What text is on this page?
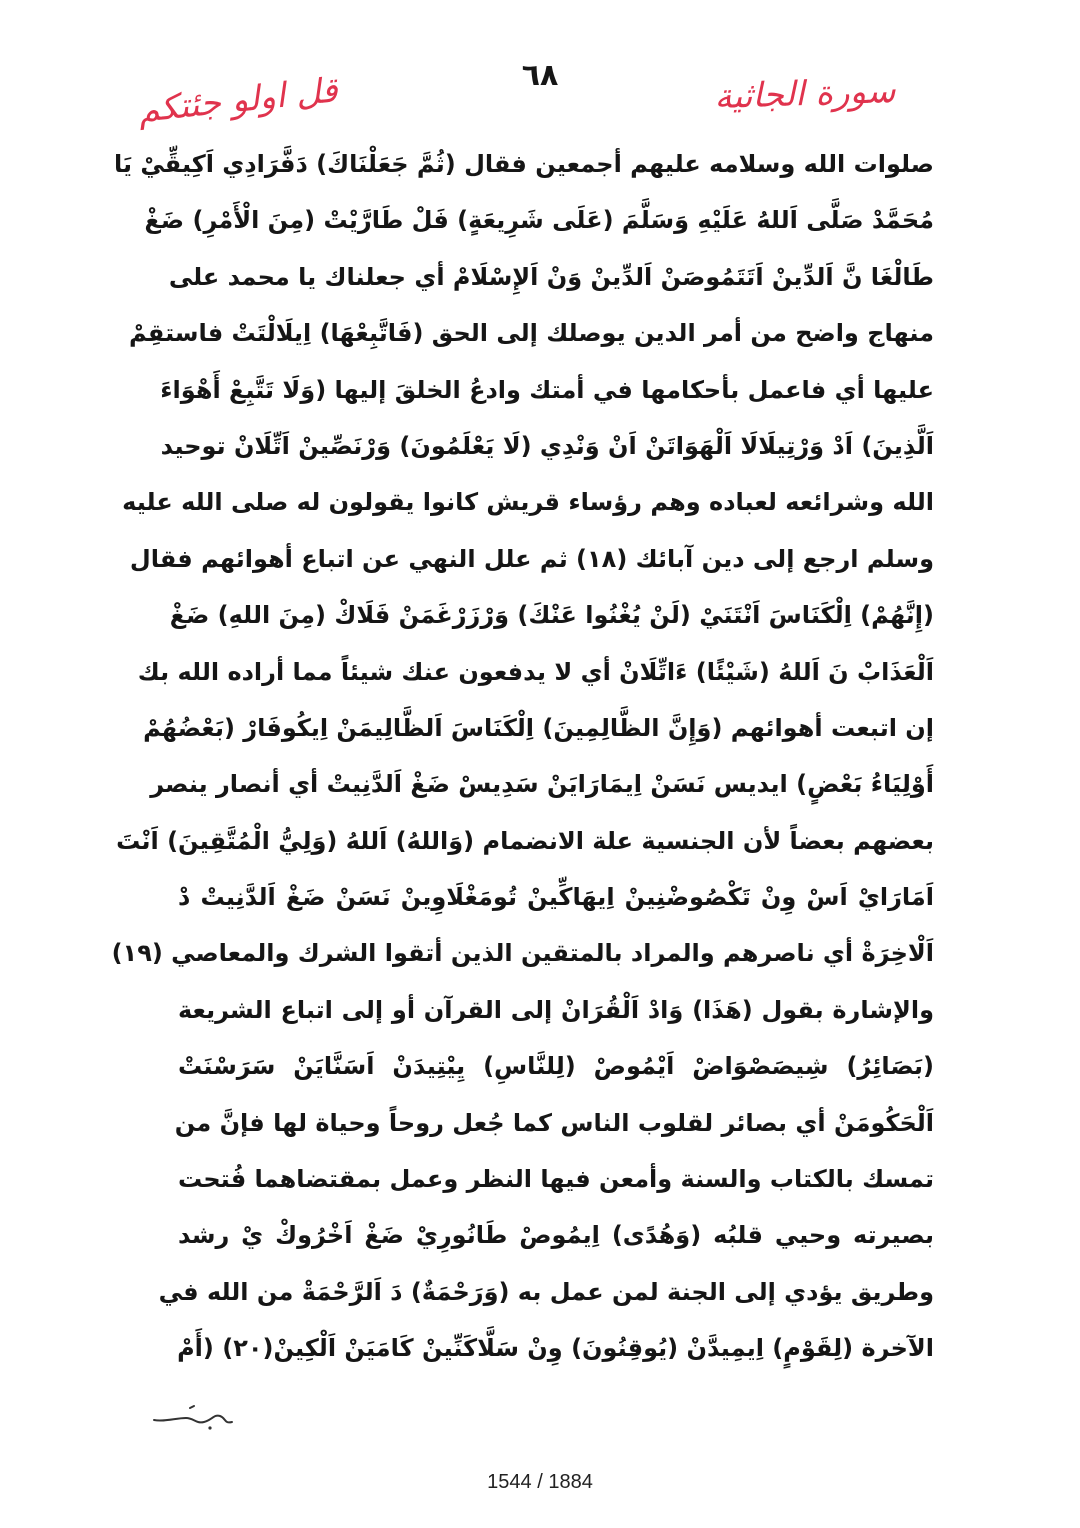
٦٨	سورة الجاثية
قل اولو جئتكم
صلوات الله وسلامه عليهم أجمعين فقال (ثُمَّ جَعَلْنَاكَ) دَفَّرَادِي اَكِيقِّيْ يَا
مُحَمَّدْ صَلَّى اَللهُ عَلَيْهِ وَسَلَّمَ (عَلَى شَرِيعَةٍ) فَلْ طَارَّيْتْ (مِنَ الْأَمْرِ) ضَغْ
طَالْغَا نَّ اَلدِّينْ اَتَتَمُوصَنْ اَلدِّينْ وَنْ اَلإِسْلَامْ أي جعلناك يا محمد على
منهاج واضح من أمر الدين يوصلك إلى الحق (فَاتَّبِعْهَا) اِيلَالْتَتْ فاستقِمْ
عليها أي فاعمل بأحكامها في أمتك وادعُ الخلقَ إليها (وَلَا تَتَّبِعْ أَهْوَاءَ
اَلَّذِينَ) اَدْ وَرْتِيلَالَا اَلْهَوَاتَنْ اَنْ وَنْدِي (لَا يَعْلَمُونَ) وَرْنَصِّينْ اَتِّلَانْ توحيد
الله وشرائعه لعباده وهم رؤساء قريش كانوا يقولون له صلى الله عليه
وسلم ارجع إلى دين آبائك (١٨) ثم علل النهي عن اتباع أهوائهم فقال
(إِنَّهُمْ) اِلْكَنَاسَ اَنْتَنَيْ (لَنْ يُغْنُوا عَنْكَ) وَرْزَرْغَمَنْ فَلَاكْ (مِنَ اللهِ) ضَغْ
اَلْعَذَابْ نَ اَللهُ (شَيْئًا) ءَاتِّلَانْ أي لا يدفعون عنك شيئاً مما أراده الله بك
إن اتبعت أهوائهم (وَإِنَّ الظَّالِمِينَ) اِلْكَنَاسَ اَلظَّالِيمَنْ اِيكُوفَارْ (بَعْضُهُمْ
أَوْلِيَاءُ بَعْضٍ) ايديس نَسَنْ اِيمَارَايَنْ سَدِيسْ ضَغْ اَلدَّنِيتْ أي أنصار ينصر
بعضهم بعضاً لأن الجنسية علة الانضمام (وَاللهُ) اَللهُ (وَلِيُّ الْمُتَّقِينَ) اَنْتَ
اَمَارَايْ اَسْ وِنْ تَكْصُوضْنِينْ اِيهَاكِّينْ تُومَغْلَاوِينْ نَسَنْ ضَغْ اَلدَّنِيتْ دْ
اَلْاخِرَةْ أي ناصرهم والمراد بالمتقين الذين أتقوا الشرك والمعاصي (١٩)
والإشارة بقول (هَذَا) وَادْ اَلْقُرَانْ إلى القرآن أو إلى اتباع الشريعة
(بَصَائِرُ) شِيصَصْوَاضْ اَيْمُوصْ (لِلنَّاسِ) يِيْتِيدَنْ اَسَنَّايَنْ سَرَسْنَتْ
اَلْحَكُومَنْ أي بصائر لقلوب الناس كما جُعل روحاً وحياة لها فإنَّ من
تمسك بالكتاب والسنة وأمعن فيها النظر وعمل بمقتضاهما فُتحت
بصيرته وحيي قلبُه (وَهُدًى) اِيمُوصْ طَانُورِيْ ضَغْ اَخْرُوكْ يْ رشد
وطريق يؤدي إلى الجنة لمن عمل به (وَرَحْمَةٌ) دَ اَلرَّحْمَةْ من الله في
الآخرة (لِقَوْمٍ) اِيمِيدَّنْ (يُوقِنُونَ) وِنْ سَلَّاكَنِّينْ كَامَيَنْ اَلْكِينْ(٢٠) (أَمْ
1544 / 1884
